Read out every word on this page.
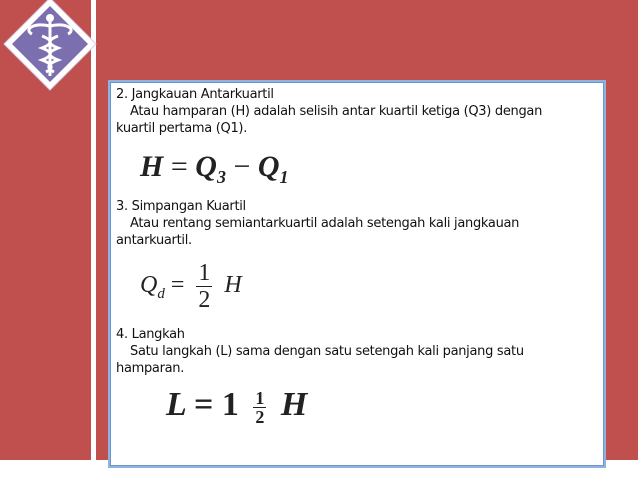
2. Jangkauan Antarkuartil
Atau hamparan (H) adalah selisih antar kuartil ketiga (Q3) dengan
kuartil pertama (Q1).
$H = Q_3 - Q_1$
3. Simpangan Kuartil
Atau rentang semiantarkuartil adalah setengah kali jangkauan
antarkuartil.
$Q_d = \frac{1}{2}$ H
4. Langkah
Satu langkah (L) sama dengan satu setengah kali panjang satu
hamparan.
$L = 1 \frac{1}{2}$ H
